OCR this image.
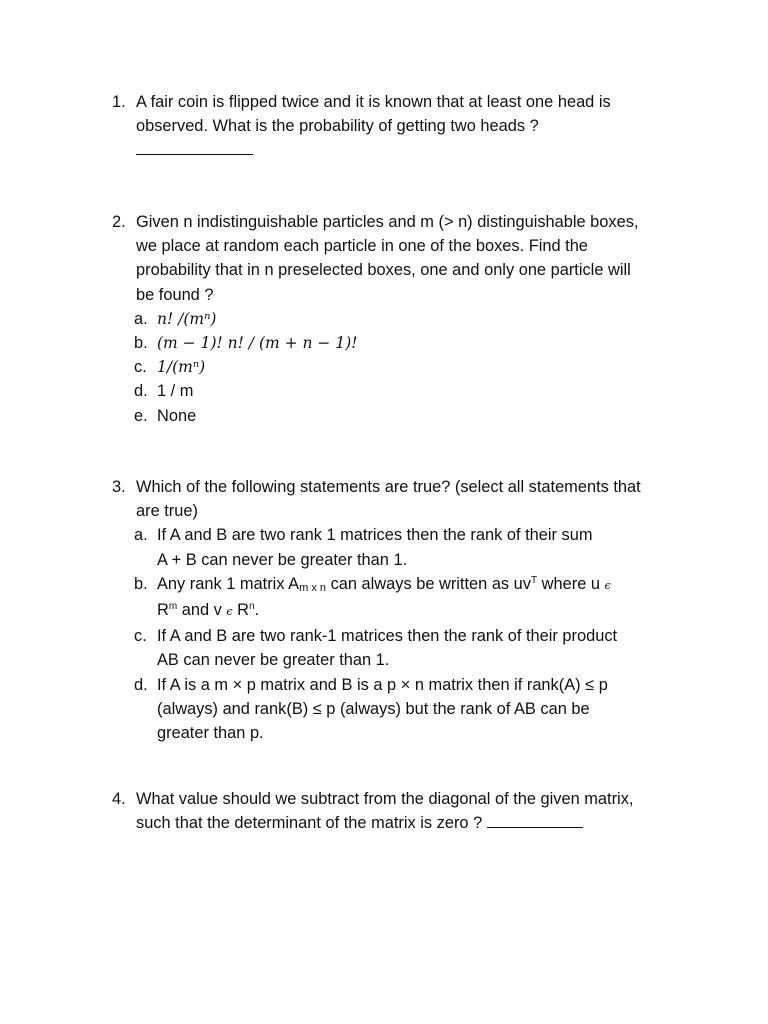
1. A fair coin is flipped twice and it is known that at least one head is
observed. What is the probability of getting two heads ?
2. Given n indistinguishable particles and m (> n) distinguishable boxes,
we place at random each particle in one of the boxes. Find the
probability that in n preselected boxes, one and only one particle will
be found ?
a. n! /(mⁿ)
b. (m − 1)! n! / (m + n − 1)!
c. 1/(mⁿ)
d. 1 / m
e. None
3. Which of the following statements are true? (select all statements that
are true)
a. If A and B are two rank 1 matrices then the rank of their sum
A + B can never be greater than 1.
b. Any rank 1 matrix $A_{m x n}$ can always be written as $uv^T$ where u ϵ
$R^m$ and v ϵ $R^n$.
c. If A and B are two rank-1 matrices then the rank of their product
AB can never be greater than 1.
d. If A is a m × p matrix and B is a p × n matrix then if rank(A) ≤ p
(always) and rank(B) ≤ p (always) but the rank of AB can be
greater than p.
4. What value should we subtract from the diagonal of the given matrix,
such that the determinant of the matrix is zero ?
